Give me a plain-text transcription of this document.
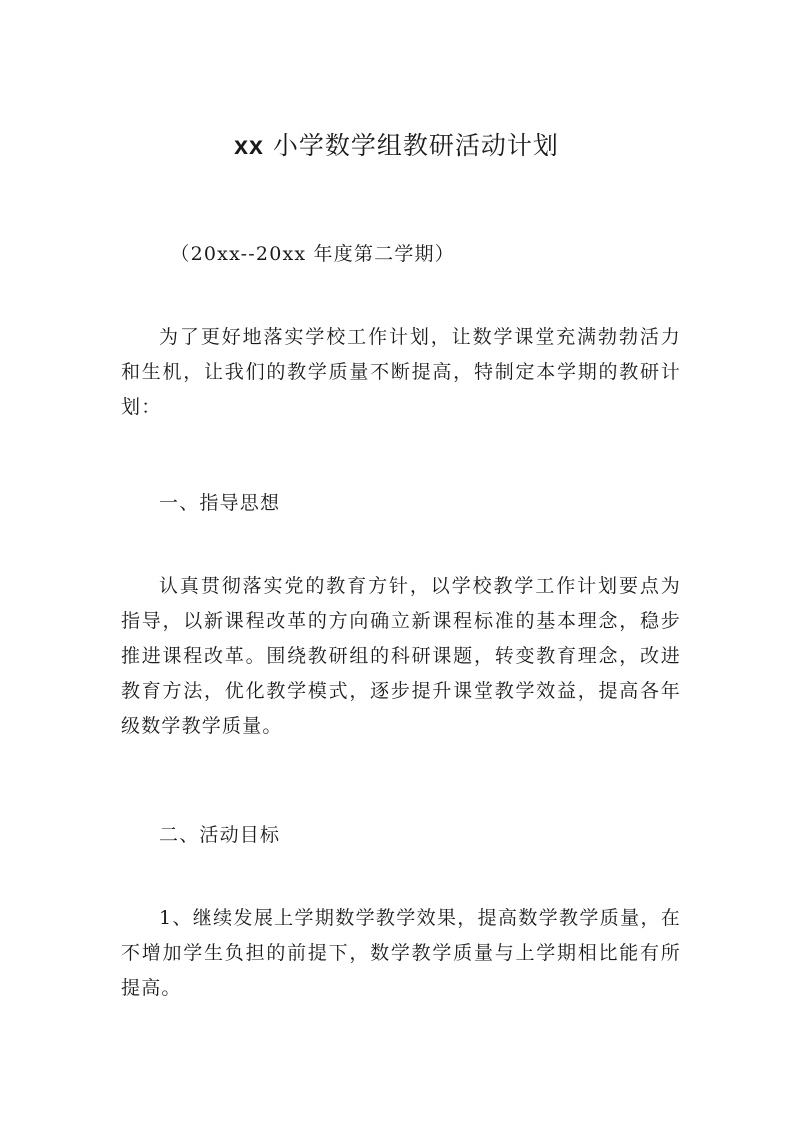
xx 小学数学组教研活动计划

（20xx--20xx 年度第二学期）

为了更好地落实学校工作计划，让数学课堂充满勃勃活力和生机，让我们的教学质量不断提高，特制定本学期的教研计划：

一、指导思想

认真贯彻落实党的教育方针，以学校教学工作计划要点为指导，以新课程改革的方向确立新课程标准的基本理念，稳步推进课程改革。围绕教研组的科研课题，转变教育理念，改进教育方法，优化教学模式，逐步提升课堂教学效益，提高各年级数学教学质量。

二、活动目标

1、继续发展上学期数学教学效果，提高数学教学质量，在不增加学生负担的前提下，数学教学质量与上学期相比能有所提高。
